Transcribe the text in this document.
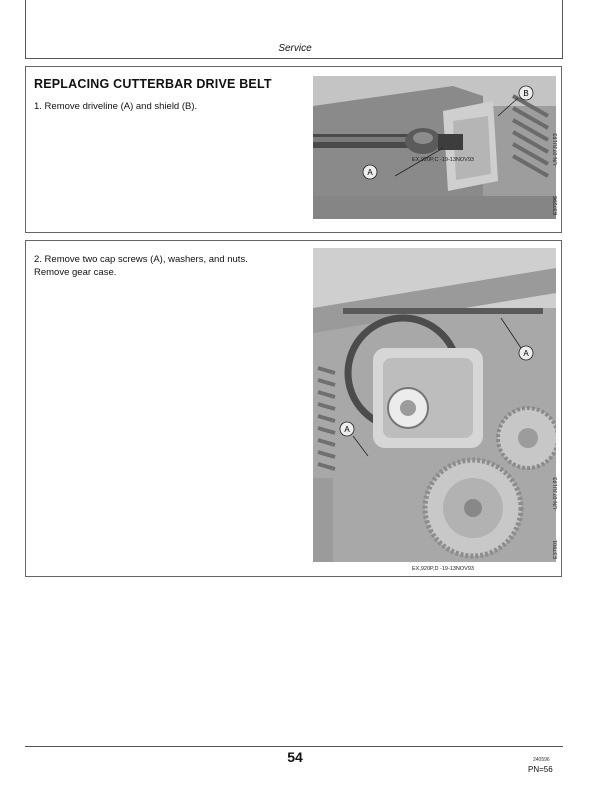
Service
REPLACING CUTTERBAR DRIVE BELT
1. Remove driveline (A) and shield (B).
A
B
-UN-07JUL93
E37296
EX,920P,C -19-13NOV93
2. Remove two cap screws (A), washers, and nuts.
Remove gear case.
A
A
-UN-07JUL93
E37901
EX,920P,D -19-13NOV93
54	240596
PN=56
